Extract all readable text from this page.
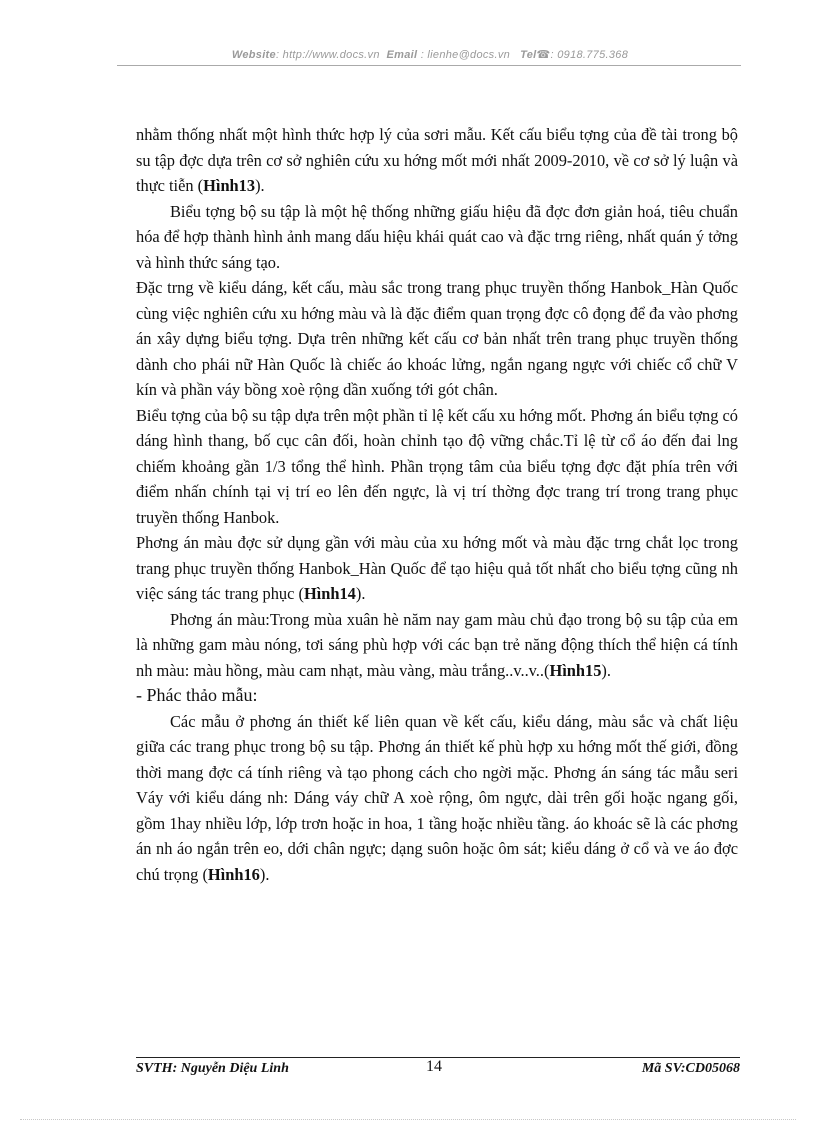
Website: http://www.docs.vn Email : lienhe@docs.vn Tel☎: 0918.775.368

nhằm thống nhất một hình thức hợp lý của sơri mẫu. Kết cấu biểu tợng của đề tài trong bộ su tập đợc dựa trên cơ sở nghiên cứu xu hớng mốt mới nhất 2009-2010, về cơ sở lý luận và thực tiễn (Hình13).

Biểu tợng bộ su tập là một hệ thống những giấu hiệu đã đợc đơn giản hoá, tiêu chuẩn hóa để hợp thành hình ảnh mang dấu hiệu khái quát cao và đặc trng riêng, nhất quán ý tởng và hình thức sáng tạo.

Đặc trng về kiểu dáng, kết cấu, màu sắc trong trang phục truyền thống Hanbok_Hàn Quốc cùng việc nghiên cứu xu hớng màu và là đặc điểm quan trọng đợc cô đọng để đa vào phơng án xây dựng biểu tợng. Dựa trên những kết cấu cơ bản nhất trên trang phục truyền thống dành cho phái nữ Hàn Quốc là chiếc áo khoác lửng, ngắn ngang ngực với chiếc cổ chữ V kín và phần váy bồng xoè rộng dần xuống tới gót chân.

Biểu tợng của bộ su tập dựa trên một phần tỉ lệ kết cấu xu hớng mốt. Phơng án biểu tợng có dáng hình thang, bố cục cân đối, hoàn chỉnh tạo độ vững chắc.Tỉ lệ từ cổ áo đến đai lng chiếm khoảng gần 1/3 tổng thể hình. Phần trọng tâm của biểu tợng đợc đặt phía trên với điểm nhấn chính tại vị trí eo lên đến ngực, là vị trí thờng đợc trang trí trong trang phục truyền thống Hanbok.

Phơng án màu đợc sử dụng gần với màu của xu hớng mốt và màu đặc trng chắt lọc trong trang phục truyền thống Hanbok_Hàn Quốc để tạo hiệu quả tốt nhất cho biểu tợng cũng nh việc sáng tác trang phục (Hình14).

Phơng án màu:Trong mùa xuân hè năm nay gam màu chủ đạo trong bộ su tập của em là những gam màu nóng, tơi sáng phù hợp với các bạn trẻ năng động thích thể hiện cá tính nh màu: màu hồng, màu cam nhạt, màu vàng, màu trắng..v..v..(Hình15).

- Phác thảo mẫu:

Các mẫu ở phơng án thiết kế liên quan về kết cấu, kiểu dáng, màu sắc và chất liệu giữa các trang phục trong bộ su tập. Phơng án thiết kế phù hợp xu hớng mốt thế giới, đồng thời mang đợc cá tính riêng và tạo phong cách cho ngời mặc. Phơng án sáng tác mẫu seri Váy với kiểu dáng nh: Dáng váy chữ A xoè rộng, ôm ngực, dài trên gối hoặc ngang gối, gồm 1hay nhiều lớp, lớp trơn hoặc in hoa, 1 tầng hoặc nhiều tầng. áo khoác sẽ là các phơng án nh áo ngắn trên eo, dới chân ngực; dạng suôn hoặc ôm sát; kiểu dáng ở cổ và ve áo đợc chú trọng (Hình16).

SVTH: Nguyễn Diệu Linh	14	Mã SV:CD05068
